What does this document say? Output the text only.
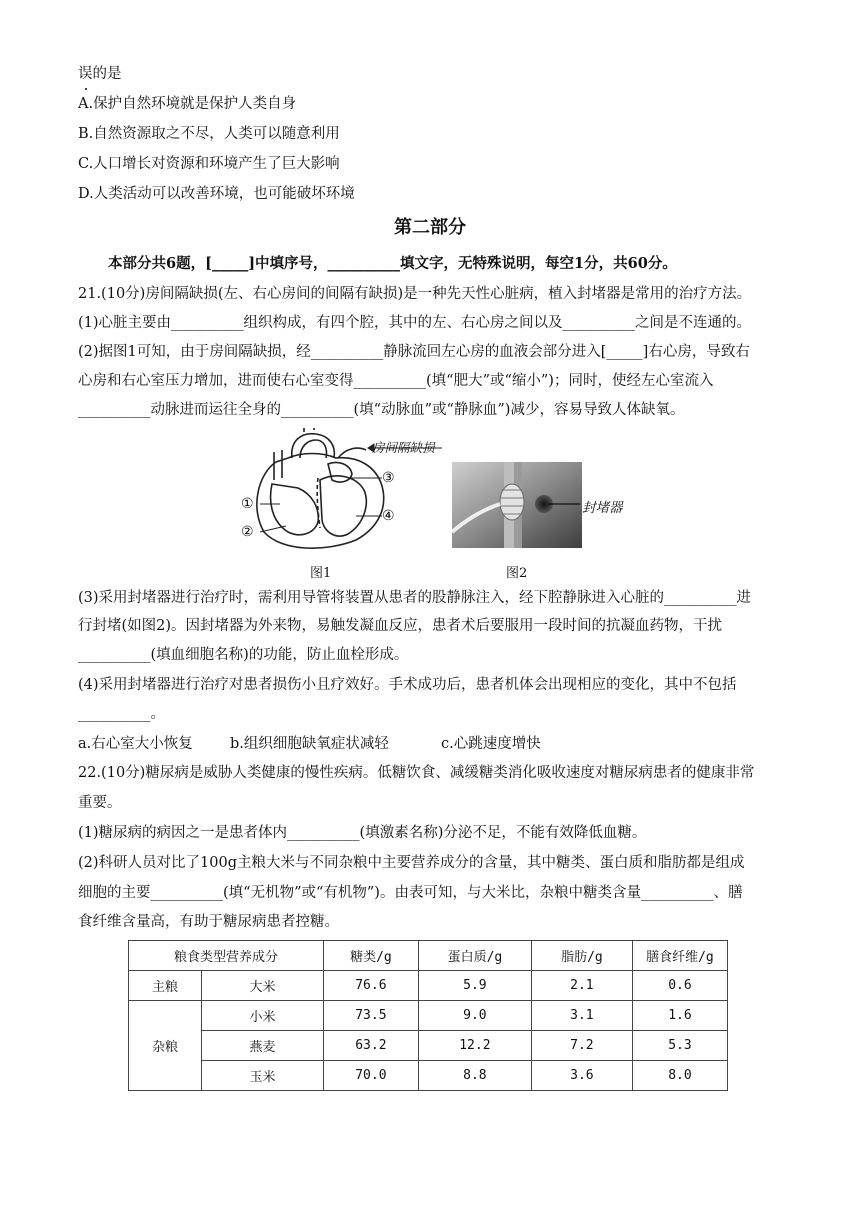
误的是
A.保护自然环境就是保护人类自身
B.自然资源取之不尽，人类可以随意利用
C.人口增长对资源和环境产生了巨大影响
D.人类活动可以改善环境，也可能破坏环境
第二部分
本部分共6题，[_____]中填序号，__________填文字，无特殊说明，每空1分，共60分。
21.(10分)房间隔缺损(左、右心房间的间隔有缺损)是一种先天性心脏病，植入封堵器是常用的治疗方法。
(1)心脏主要由__________组织构成，有四个腔，其中的左、右心房之间以及__________之间是不连通的。
(2)据图1可知，由于房间隔缺损，经__________静脉流回左心房的血液会部分进入[_____]右心房，导致右
心房和右心室压力增加，进而使右心室变得__________(填“肥大”或“缩小”)；同时，使经左心室流入
__________动脉进而运往全身的__________(填“动脉血”或“静脉血”)减少，容易导致人体缺氧。
①
②
③
④
房间隔缺损
图1
封堵器
图2
(3)采用封堵器进行治疗时，需利用导管将装置从患者的股静脉注入，经下腔静脉进入心脏的__________进
行封堵(如图2)。因封堵器为外来物，易触发凝血反应，患者术后要服用一段时间的抗凝血药物，干扰
__________(填血细胞名称)的功能，防止血栓形成。
(4)采用封堵器进行治疗对患者损伤小且疗效好。手术成功后，患者机体会出现相应的变化，其中不包括
__________。
a.右心室大小恢复	b.组织细胞缺氧症状减轻	c.心跳速度增快
22.(10分)糖尿病是威胁人类健康的慢性疾病。低糖饮食、减缓糖类消化吸收速度对糖尿病患者的健康非常
重要。
(1)糖尿病的病因之一是患者体内__________(填激素名称)分泌不足，不能有效降低血糖。
(2)科研人员对比了100g主粮大米与不同杂粮中主要营养成分的含量，其中糖类、蛋白质和脂肪都是组成
细胞的主要__________(填“无机物”或“有机物”)。由表可知，与大米比，杂粮中糖类含量__________、膳
食纤维含量高，有助于糖尿病患者控糖。
粮食类型营养成分		糖类/g	蛋白质/g	脂肪/g	膳食纤维/g
主粮	大米	76.6	5.9	2.1	0.6
杂粮	小米	73.5	9.0	3.1	1.6
	燕麦	63.2	12.2	7.2	5.3
	玉米	70.0	8.8	3.6	8.0
